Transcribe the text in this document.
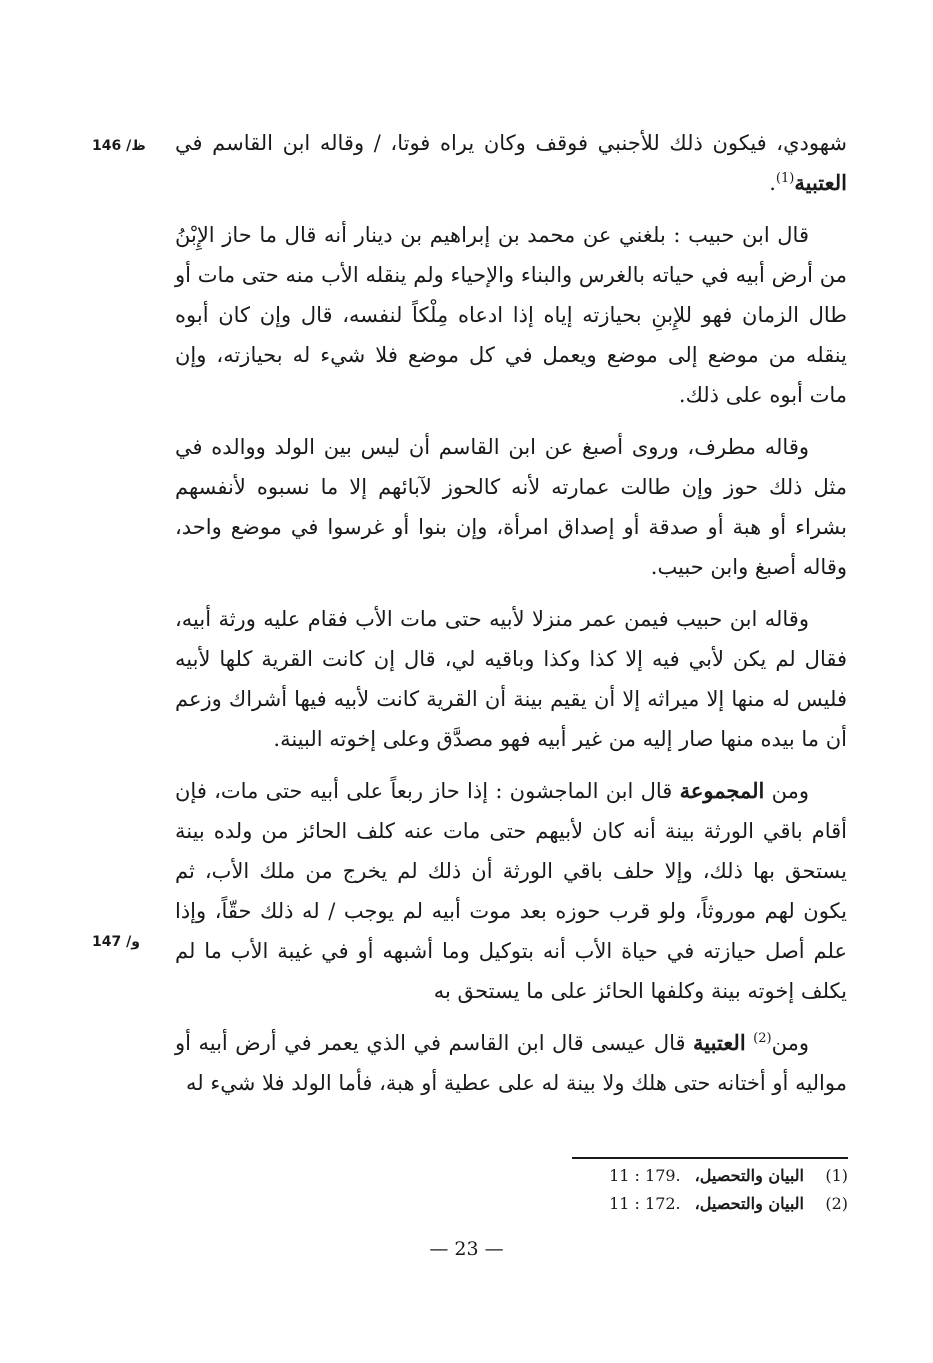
146 /ظ
147 /و

شهودي، فيكون ذلك للأجنبي فوقف وكان يراه فوتا، / وقاله ابن القاسم في العتبية$^{(1)}$.

قال ابن حبيب : بلغني عن محمد بن إبراهيم بن دينار أنه قال ما حاز الإِبْنُ من أرض أبيه في حياته بالغرس والبناء والإحياء ولم ينقله الأب منه حتى مات أو طال الزمان فهو للإِبنِ بحيازته إياه إذا ادعاه مِلْكاً لنفسه، قال وإن كان أبوه ينقله من موضع إلى موضع ويعمل في كل موضع فلا شيء له بحيازته، وإن مات أبوه على ذلك.

وقاله مطرف، وروى أصبغ عن ابن القاسم أن ليس بين الولد ووالده في مثل ذلك حوز وإن طالت عمارته لأنه كالحوز لآبائهم إلا ما نسبوه لأنفسهم بشراء أو هبة أو صدقة أو إصداق امرأة، وإن بنوا أو غرسوا في موضع واحد، وقاله أصبغ وابن حبيب.

وقاله ابن حبيب فيمن عمر منزلا لأبيه حتى مات الأب فقام عليه ورثة أبيه، فقال لم يكن لأبي فيه إلا كذا وكذا وباقيه لي، قال إن كانت القرية كلها لأبيه فليس له منها إلا ميراثه إلا أن يقيم بينة أن القرية كانت لأبيه فيها أشراك وزعم أن ما بيده منها صار إليه من غير أبيه فهو مصدَّق وعلى إخوته البينة.

ومن المجموعة قال ابن الماجشون : إذا حاز ربعاً على أبيه حتى مات، فإن أقام باقي الورثة بينة أنه كان لأبيهم حتى مات عنه كلف الحائز من ولده بينة يستحق بها ذلك، وإلا حلف باقي الورثة أن ذلك لم يخرج من ملك الأب، ثم يكون لهم موروثاً، ولو قرب حوزه بعد موت أبيه لم يوجب / له ذلك حقّاً، وإذا علم أصل حيازته في حياة الأب أنه بتوكيل وما أشبهه أو في غيبة الأب ما لم يكلف إخوته بينة وكلفها الحائز على ما يستحق به

ومن$^{(2)}$ العتبية قال عيسى قال ابن القاسم في الذي يعمر في أرض أبيه أو مواليه أو أختانه حتى هلك ولا بينة له على عطية أو هبة، فأما الولد فلا شيء له

(1)
البيان والتحصيل،
11 : 179.
(2)
البيان والتحصيل،
11 : 172.
— 23 —
